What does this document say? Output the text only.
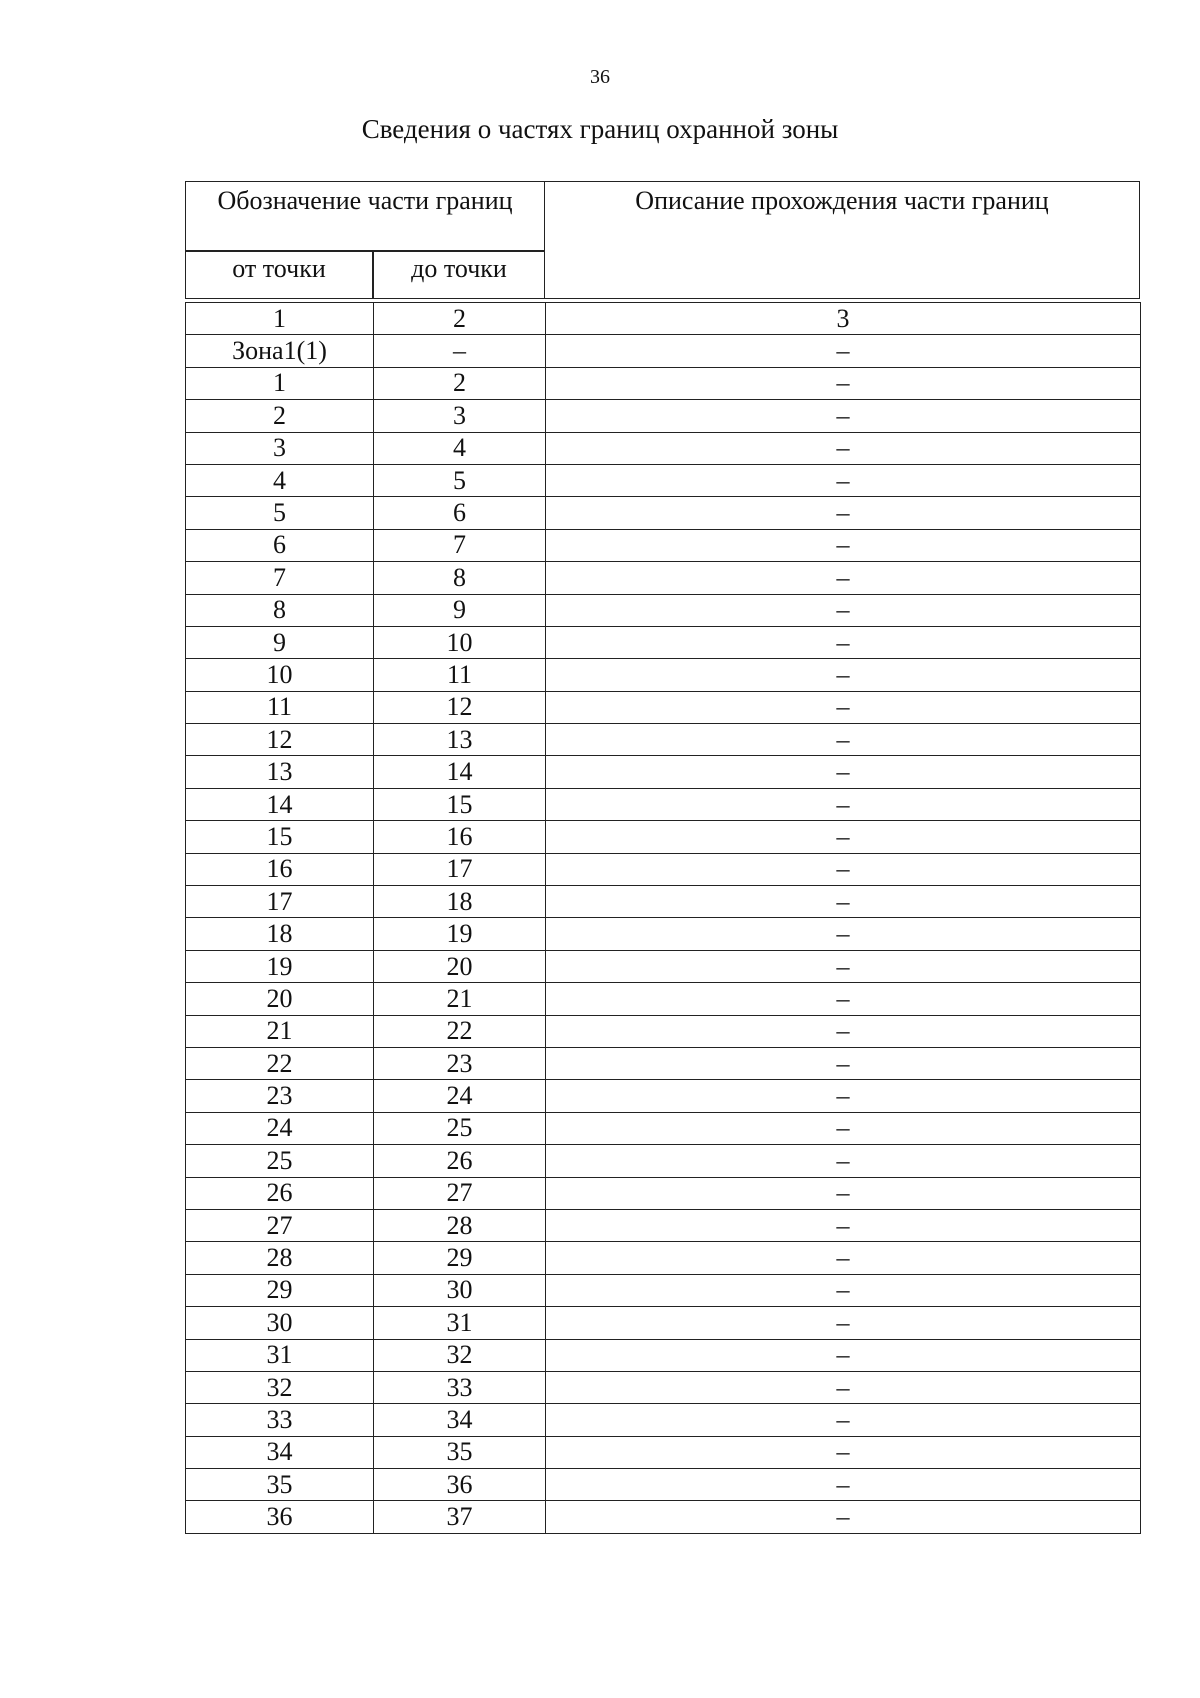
36
Сведения о частях границ охранной зоны
Обозначение части границ
от точки	до точки
Описание прохождения части границ
1	2	3
Зона1(1)	–	–
1	2	–
2	3	–
3	4	–
4	5	–
5	6	–
6	7	–
7	8	–
8	9	–
9	10	–
10	11	–
11	12	–
12	13	–
13	14	–
14	15	–
15	16	–
16	17	–
17	18	–
18	19	–
19	20	–
20	21	–
21	22	–
22	23	–
23	24	–
24	25	–
25	26	–
26	27	–
27	28	–
28	29	–
29	30	–
30	31	–
31	32	–
32	33	–
33	34	–
34	35	–
35	36	–
36	37	–
